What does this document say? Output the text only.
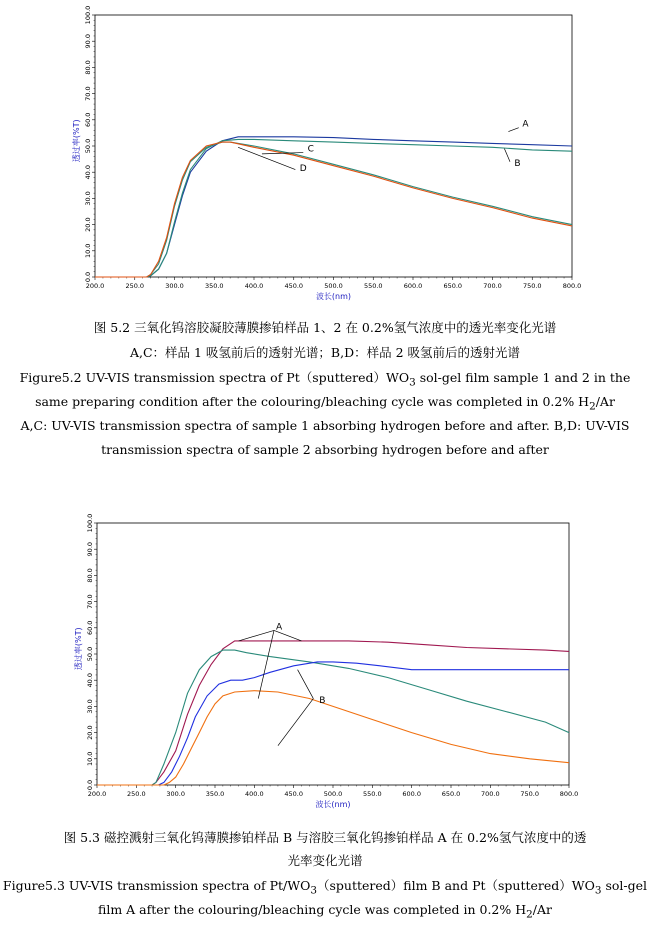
200.0	250.0	300.0	350.0	400.0	450.0	500.0	550.0	600.0	650.0	700.0	750.0	800.0
0.0
10.0
20.0
30.0
40.0
50.0
60.0
70.0
80.0
90.0
100.0
波长(nm)
透过率(%T)	A
B
C
D
200.0	250.0	300.0	350.0	400.0	450.0	500.0	550.0	600.0	650.0	700.0	750.0	800.0
0.0
10.0
20.0
30.0
40.0
50.0
60.0
70.0
80.0
90.0
100.0
波长(nm)
透过率(%T)	A
B
图 5.2 三氧化钨溶胶凝胶薄膜掺铂样品 1、2 在 0.2%氢气浓度中的透光率变化光谱
A,C：样品 1 吸氢前后的透射光谱；B,D：样品 2 吸氢前后的透射光谱
Figure5.2 UV-VIS transmission spectra of $Pt(sputtered)WO_3$ sol-gel film sample 1 and 2 in the
same preparing condition after the colouring/bleaching cycle was completed in 0.2% $H_2/Ar$
A,C: UV-VIS transmission spectra of sample 1 absorbing hydrogen before and after. B,D: UV-VIS
transmission spectra of sample 2 absorbing hydrogen before and after
图 5.3 磁控溅射三氧化钨薄膜掺铂样品 B 与溶胶三氧化钨掺铂样品 A 在 0.2%氢气浓度中的透
光率变化光谱
Figure5.3 UV-VIS transmission spectra of $Pt/WO_3(sputtered)film$ B and $Pt(sputtered)WO_3$ sol-gel
film A after the colouring/bleaching cycle was completed in 0.2% $H_2/Ar$
